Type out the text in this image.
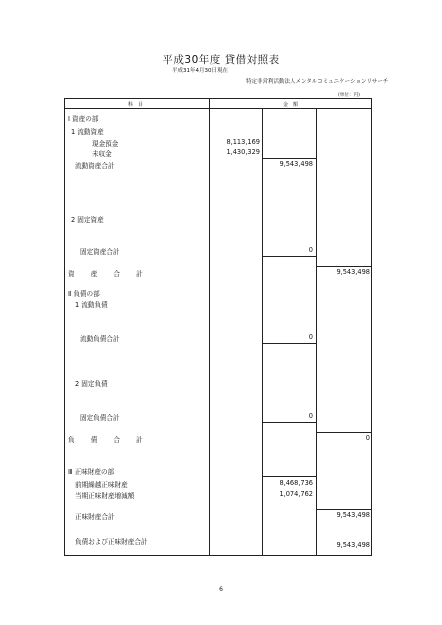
平成30年度 貸借対照表
平成31年4月30日現在
特定非営利活動法人メンタルコミュニケーションリサーチ
(単位：円)
科　目	金　額
Ⅰ 資産の部
1 流動資産
現金預金	8,113,169
未収金	1,430,329
流動資産合計	9,543,498
2 固定資産
固定資産合計	0
資 産 合 計	9,543,498
Ⅱ 負債の部
1 流動負債
流動負債合計	0
2 固定負債
固定負債合計	0
負 債 合 計	0
Ⅲ 正味財産の部
前期繰越正味財産	8,468,736
当期正味財産増減額	1,074,762
正味財産合計	9,543,498
負債および正味財産合計	9,543,498
6
